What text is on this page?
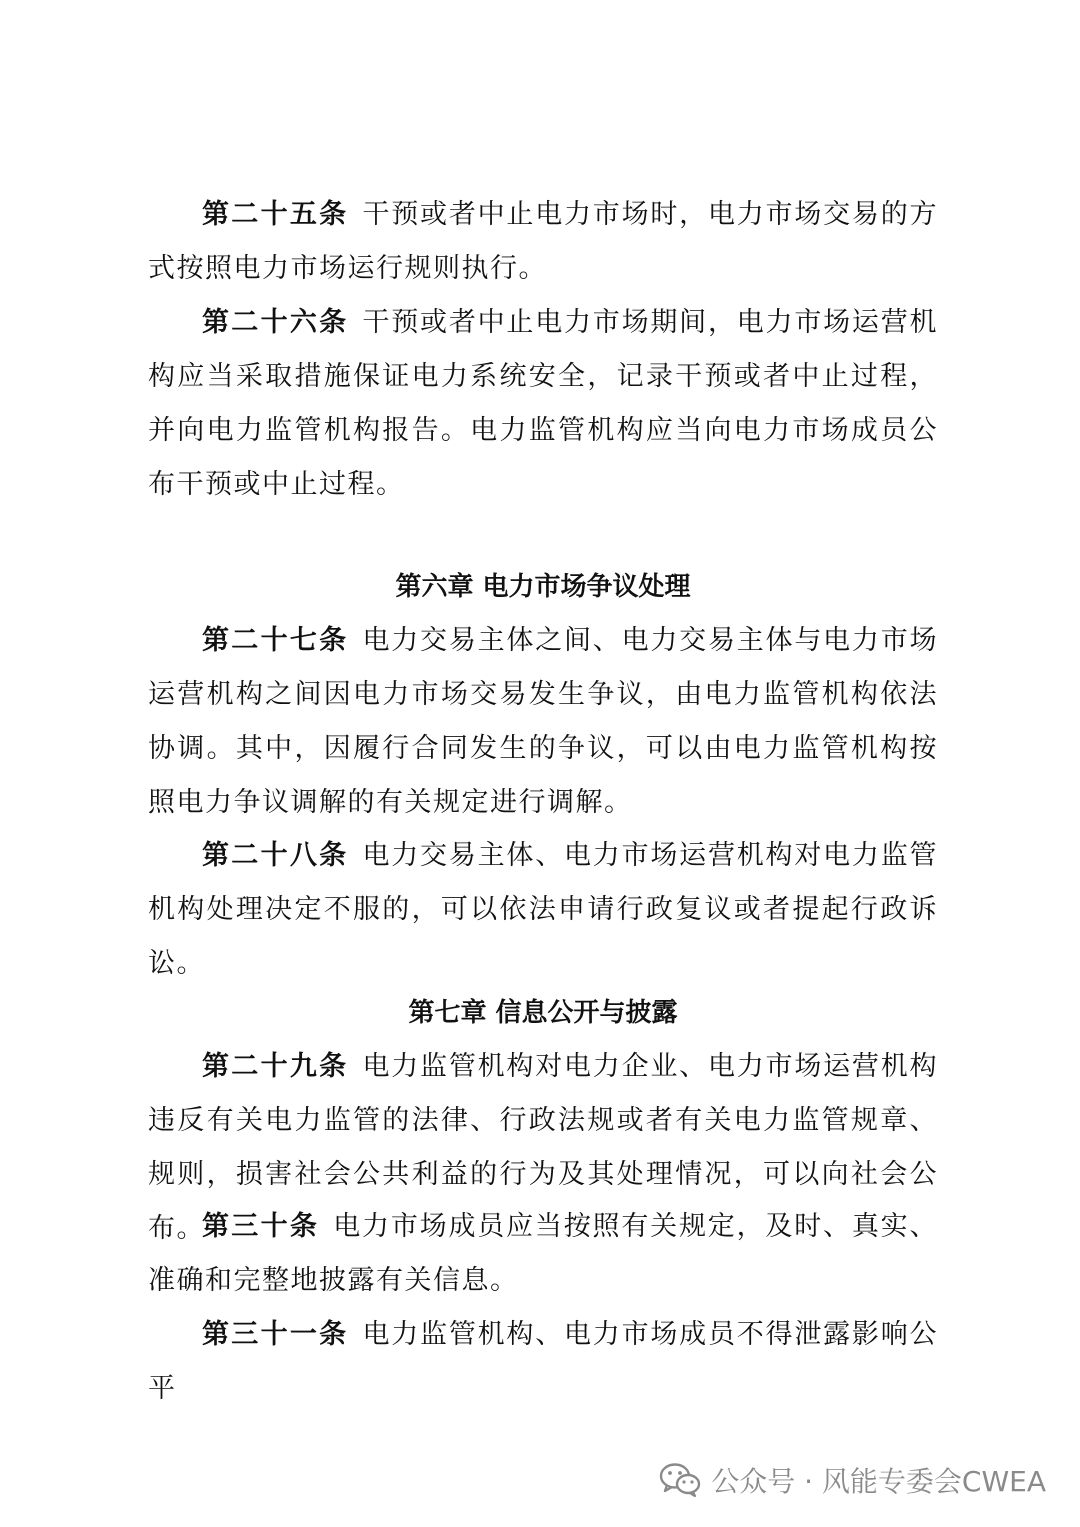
第二十五条 干预或者中止电力市场时，电力市场交易的方式按照电力市场运行规则执行。

第二十六条 干预或者中止电力市场期间，电力市场运营机构应当采取措施保证电力系统安全，记录干预或者中止过程，并向电力监管机构报告。电力监管机构应当向电力市场成员公布干预或中止过程。

第六章 电力市场争议处理

第二十七条 电力交易主体之间、电力交易主体与电力市场运营机构之间因电力市场交易发生争议，由电力监管机构依法协调。其中，因履行合同发生的争议，可以由电力监管机构按照电力争议调解的有关规定进行调解。

第二十八条 电力交易主体、电力市场运营机构对电力监管机构处理决定不服的，可以依法申请行政复议或者提起行政诉讼。

第七章 信息公开与披露

第二十九条 电力监管机构对电力企业、电力市场运营机构违反有关电力监管的法律、行政法规或者有关电力监管规章、规则，损害社会公共利益的行为及其处理情况，可以向社会公布。

第三十条 电力市场成员应当按照有关规定，及时、真实、准确和完整地披露有关信息。

第三十一条 电力监管机构、电力市场成员不得泄露影响公平

公众号 · 风能专委会CWEA
